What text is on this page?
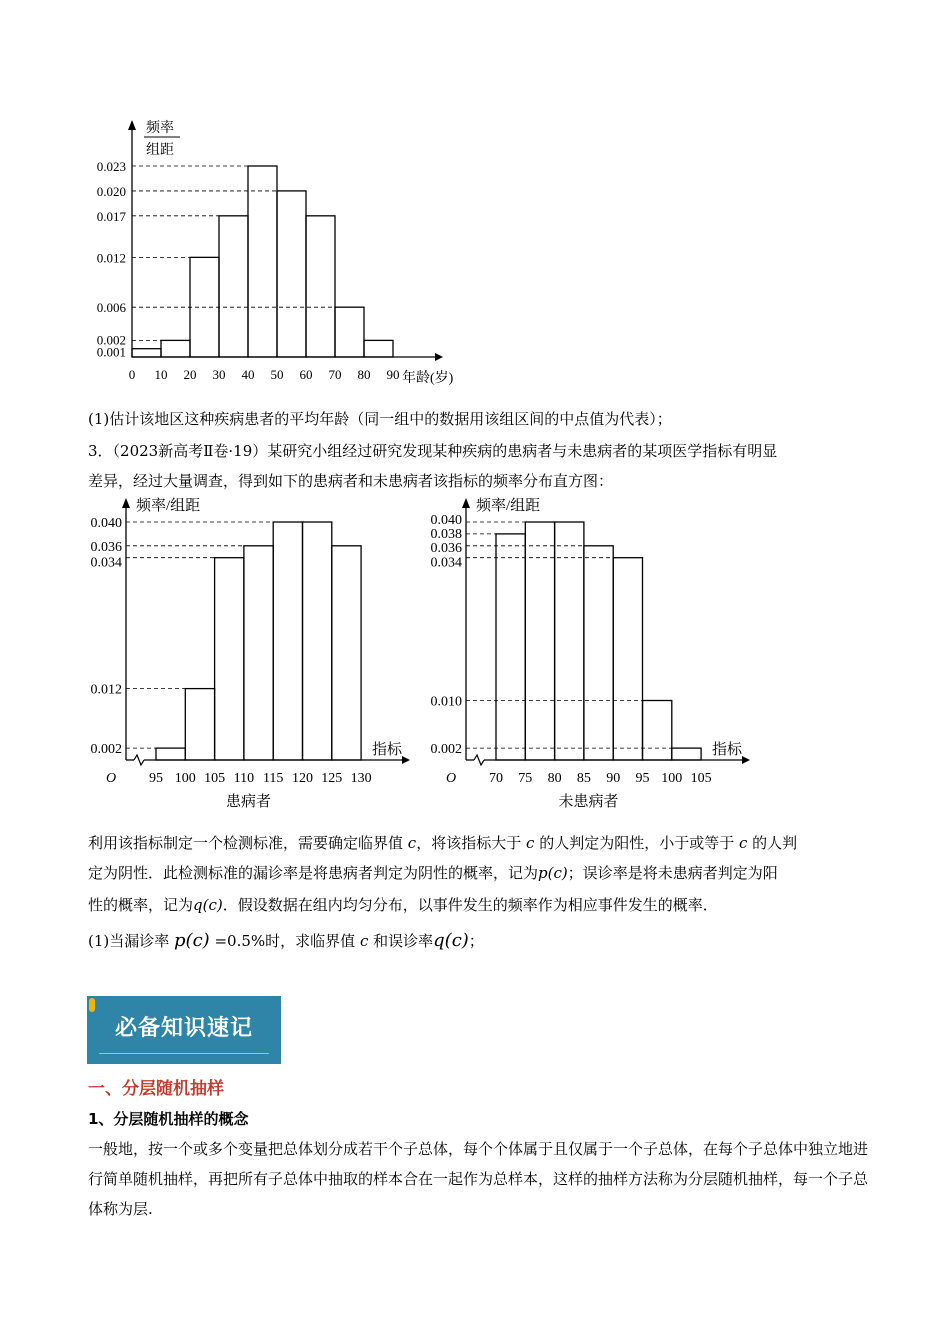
频率
组距
0.023
0.020
0.017
0.012
0.006
0.002
0.001
0 10 20 30 40 50 60 70 80 90 年龄(岁)
(1)估计该地区这种疾病患者的平均年龄（同一组中的数据用该组区间的中点值为代表）；
3．（2023新高考Ⅱ卷·19）某研究小组经过研究发现某种疾病的患病者与未患病者的某项医学指标有明显
差异，经过大量调查，得到如下的患病者和未患病者该指标的频率分布直方图：
频率/组距
O
0.040
0.036
0.034
0.012
0.002
95 100 105 110 115 120 125 130
指标
患病者
频率/组距
O
0.040
0.038
0.036
0.034
0.010
0.002
70 75 80 85 90 95 100 105
指标
未患病者
利用该指标制定一个检测标准，需要确定临界值 c，将该指标大于 c 的人判定为阳性，小于或等于 c 的人判
定为阴性．此检测标准的漏诊率是将患病者判定为阴性的概率，记为p(c)；误诊率是将未患病者判定为阳
性的概率，记为q(c)．假设数据在组内均匀分布，以事件发生的频率作为相应事件发生的概率．
(1)当漏诊率 p(c) =0.5%时，求临界值 c 和误诊率q(c)；
必备知识速记
一、分层随机抽样
1、分层随机抽样的概念
一般地，按一个或多个变量把总体划分成若干个子总体，每个个体属于且仅属于一个子总体，在每个子总体中独立地进行简单随机抽样，再把所有子总体中抽取的样本合在一起作为总样本，这样的抽样方法称为分层随机抽样，每一个子总体称为层.
